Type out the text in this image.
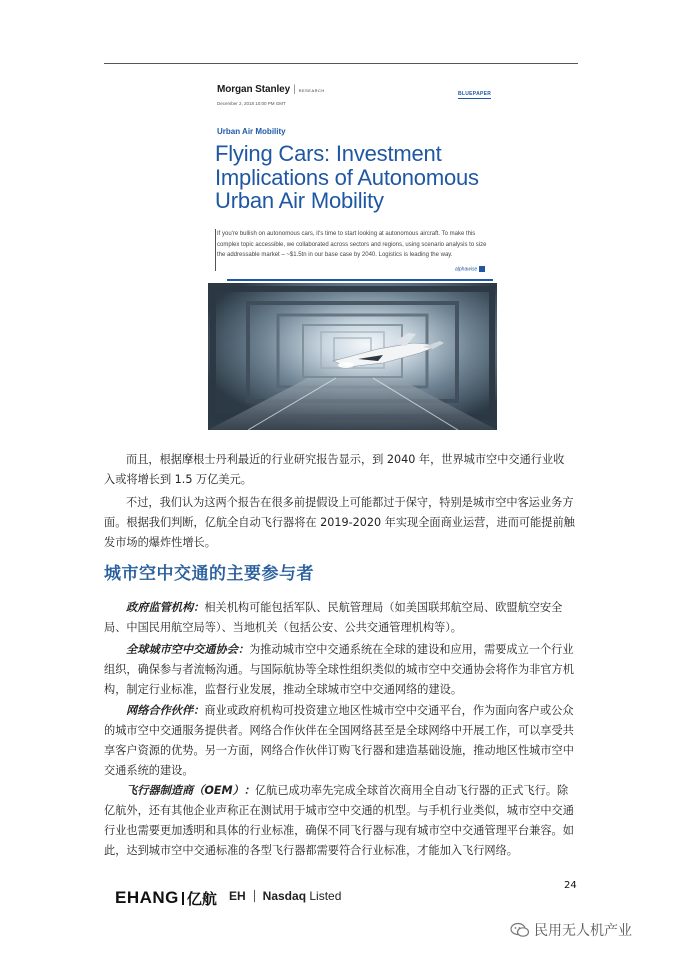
Morgan Stanley | RESEARCH
December 2, 2018 10:00 PM GMT
BLUEPAPER
Urban Air Mobility
Flying Cars: Investment
Implications of Autonomous
Urban Air Mobility

If you're bullish on autonomous cars, it's time to start looking at autonomous aircraft. To make this complex topic accessible, we collaborated across sectors and regions, using scenario analysis to size the addressable market – ~$1.5tn in our base case by 2040. Logistics is leading the way.

alphawise

而且，根据摩根士丹利最近的行业研究报告显示，到 2040 年，世界城市空中交通行业收入或将增长到 1.5 万亿美元。

不过，我们认为这两个报告在很多前提假设上可能都过于保守，特别是城市空中客运业务方面。根据我们判断，亿航全自动飞行器将在 2019-2020 年实现全面商业运营，进而可能提前触发市场的爆炸性增长。

城市空中交通的主要参与者

政府监管机构：相关机构可能包括军队、民航管理局（如美国联邦航空局、欧盟航空安全局、中国民用航空局等）、当地机关（包括公安、公共交通管理机构等）。

全球城市空中交通协会：为推动城市空中交通系统在全球的建设和应用，需要成立一个行业组织，确保参与者流畅沟通。与国际航协等全球性组织类似的城市空中交通协会将作为非官方机构，制定行业标准，监督行业发展，推动全球城市空中交通网络的建设。

网络合作伙伴：商业或政府机构可投资建立地区性城市空中交通平台，作为面向客户或公众的城市空中交通服务提供者。网络合作伙伴在全国网络甚至是全球网络中开展工作，可以享受共享客户资源的优势。另一方面，网络合作伙伴订购飞行器和建造基础设施，推动地区性城市空中交通系统的建设。

飞行器制造商（OEM）：亿航已成功率先完成全球首次商用全自动飞行器的正式飞行。除亿航外，还有其他企业声称正在测试用于城市空中交通的机型。与手机行业类似，城市空中交通行业也需要更加透明和具体的行业标准，确保不同飞行器与现有城市空中交通管理平台兼容。如此，达到城市空中交通标准的各型飞行器都需要符合行业标准，才能加入飞行网络。

24
EHANG 亿航 EH Nasdaq Listed
民用无人机产业
